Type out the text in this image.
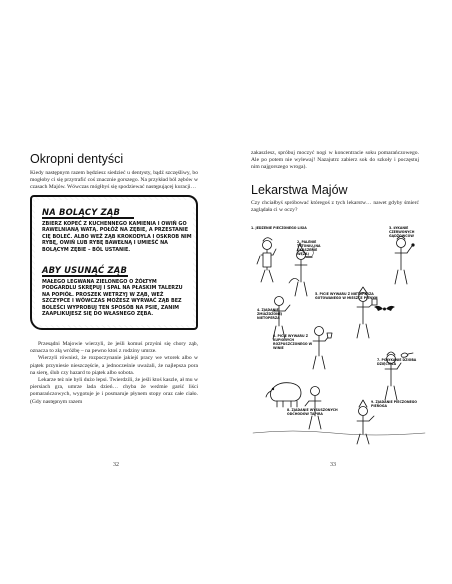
Okropni dentyści

Kiedy następnym razem będziesz siedzieć u dentysty, bądź szczęśliwy, bo mogłoby ci się przytrafić coś znacznie gorszego. Na przykład ból zębów w czasach Majów. Wówczas mógłbyś się spodziewać następującej kuracji…

NA BOLĄCY ZĄB
ZBIERZ KOPEĆ Z KUCHENNEGO KAMIENIA I OWIŃ GO RAWELNIANĄ WATĄ. POŁÓŻ NA ZĘBIE, A PRZESTANIE CIĘ BOLEĆ. ALBO WEŹ ZĄB KROKODYLA I OSKROB NIM RYBĘ, OWIŃ LUB RYBĘ BAWEŁNĄ I UMIEŚĆ NA BOLĄCYM ZĘBIE – BÓL USTANIE.
ABY USUNĄĆ ZĄB
MAŁEGO LEGWANA ZIELONEGO O ŻÓŁTYM PODGARDLU SKRĘPUJ I SPAL NA PŁASKIM TALERZU NA POPIÓŁ. PROSZEK WETRZYJ W ZĄB, WEŹ SZCZYPCE I WÓWCZAS MOŻESZ WYRWAĆ ZĄB BEZ BOLEŚCI WYPROBUJ TEN SPOSÓB NA PSIE, ZANIM ZAAPLIKUJESZ SIĘ DO WŁASNEGO ZĘBA.

Przesądni Majowie wierzyli, że jeśli komuś przyśni się chory ząb, oznacza to złą wróżbę – na pewno ktoś z rodziny umrze.

Wierzyli również, że rozpoczynanie jakiejś pracy we wtorek albo w piątek przyniesie nieszczęście, a jednocześnie uważali, że najlepsza pora na sierę, ślub czy hazard to piątek albo sobota.

Lekarze też nie byli dużo lepsi. Twierdzili, że jeśli ktoś kaszle, ał mu w piersiach gra, umrze lada dzień… chyba że weźmie garść liści pomarańczowych, wygotuje je i posmaruje płynem stopy oraz całe ciało. (Gdy następnym razem

32

zakaszlesz, spróbuj moczyć nogi w koncentracie soku pomarańczowego. Ale po potem nie wylewaj! Nazajutrz zabierz sok do szkoły i poczęstuj nim najgorszego wroga).

Lekarstwa Majów

Czy chciałbyś spróbować któregoś z tych lekarstw… nawet gdyby śmierć zaglądała ci w oczy?

33
1. JEDZENIE PIECZONEGO LISIA
2. PALENIE TYTONIU (NA UKĄSZENIE WĘŻA)
3. ŁYKANIE CZERWONYCH GĄDŹOWCÓW
4. ZJADANIE ZMIAŻDŻONEJ NIETOPERZA
5. PICIE WYWARU Z NIETOPERZA GOTOWANEGO W MIESZCE PITNYM
6. PICIE WYWARU Z KUPIONYCH ROZPUSZCZONEGO W WINIE
7. POŁYKANIE DZIOBA DZIĘCIOLA
8. ZJADANIE WYSUSZONYCH ODCHODÓW TAPIRA
9. ZJADANIE PIECZONEGO PIEROGA
